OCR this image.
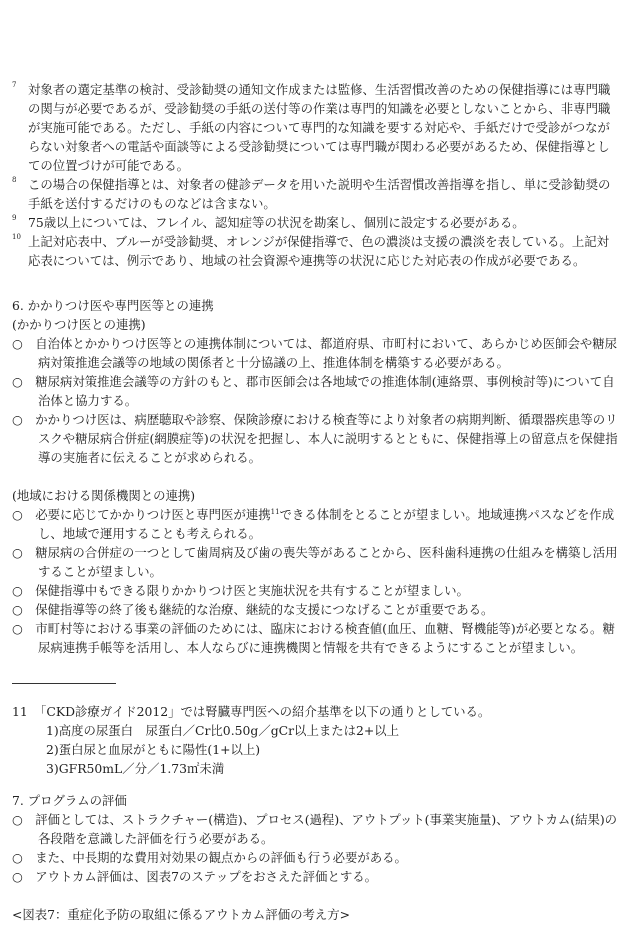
7 対象者の選定基準の検討、受診勧奨の通知文作成または監修、生活習慣改善のための保健指導には専門職の関与が必要であるが、受診勧奨の手紙の送付等の作業は専門的知識を必要としないことから、非専門職が実施可能である。ただし、手紙の内容について専門的な知識を要する対応や、手紙だけで受診がつながらない対象者への電話や面談等による受診勧奨については専門職が関わる必要があるため、保健指導としての位置づけが可能である。

8 この場合の保健指導とは、対象者の健診データを用いた説明や生活習慣改善指導を指し、単に受診勧奨の手紙を送付するだけのものなどは含まない。

9 75歳以上については、フレイル、認知症等の状況を勘案し、個別に設定する必要がある。

10 上記対応表中、ブルーが受診勧奨、オレンジが保健指導で、色の濃淡は支援の濃淡を表している。上記対応表については、例示であり、地域の社会資源や連携等の状況に応じた対応表の作成が必要である。

6. かかりつけ医や専門医等との連携

(かかりつけ医との連携)

○　自治体とかかりつけ医等との連携体制については、都道府県、市町村において、あらかじめ医師会や糖尿病対策推進会議等の地域の関係者と十分協議の上、推進体制を構築する必要がある。

○　糖尿病対策推進会議等の方針のもと、郡市医師会は各地域での推進体制(連絡票、事例検討等)について自治体と協力する。

○　かかりつけ医は、病歴聴取や診察、保険診療における検査等により対象者の病期判断、循環器疾患等のリスクや糖尿病合併症(網膜症等)の状況を把握し、本人に説明するとともに、保健指導上の留意点を保健指導の実施者に伝えることが求められる。

(地域における関係機関との連携)

○　必要に応じてかかりつけ医と専門医が連携$^{11}$できる体制をとることが望ましい。地域連携パスなどを作成し、地域で運用することも考えられる。

○　糖尿病の合併症の一つとして歯周病及び歯の喪失等があることから、医科歯科連携の仕組みを構築し活用することが望ましい。

○　保健指導中もできる限りかかりつけ医と実施状況を共有することが望ましい。

○　保健指導等の終了後も継続的な治療、継続的な支援につなげることが重要である。

○　市町村等における事業の評価のためには、臨床における検査値(血圧、血糖、腎機能等)が必要となる。糖尿病連携手帳等を活用し、本人ならびに連携機関と情報を共有できるようにすることが望ましい。

11　「CKD診療ガイド2012」では腎臓専門医への紹介基準を以下の通りとしている。

1)高度の尿蛋白　尿蛋白／Cr比0.50g／gCr以上または2+以上

2)蛋白尿と血尿がともに陽性(1+以上)

3)GFR50mL／分／1.73㎡未満

7. プログラムの評価

○　評価としては、ストラクチャー(構造)、プロセス(過程)、アウトプット(事業実施量)、アウトカム(結果)の各段階を意識した評価を行う必要がある。

○　また、中長期的な費用対効果の観点からの評価も行う必要がある。

○　アウトカム評価は、図表7のステップをおさえた評価とする。

<図表7：重症化予防の取組に係るアウトカム評価の考え方>
